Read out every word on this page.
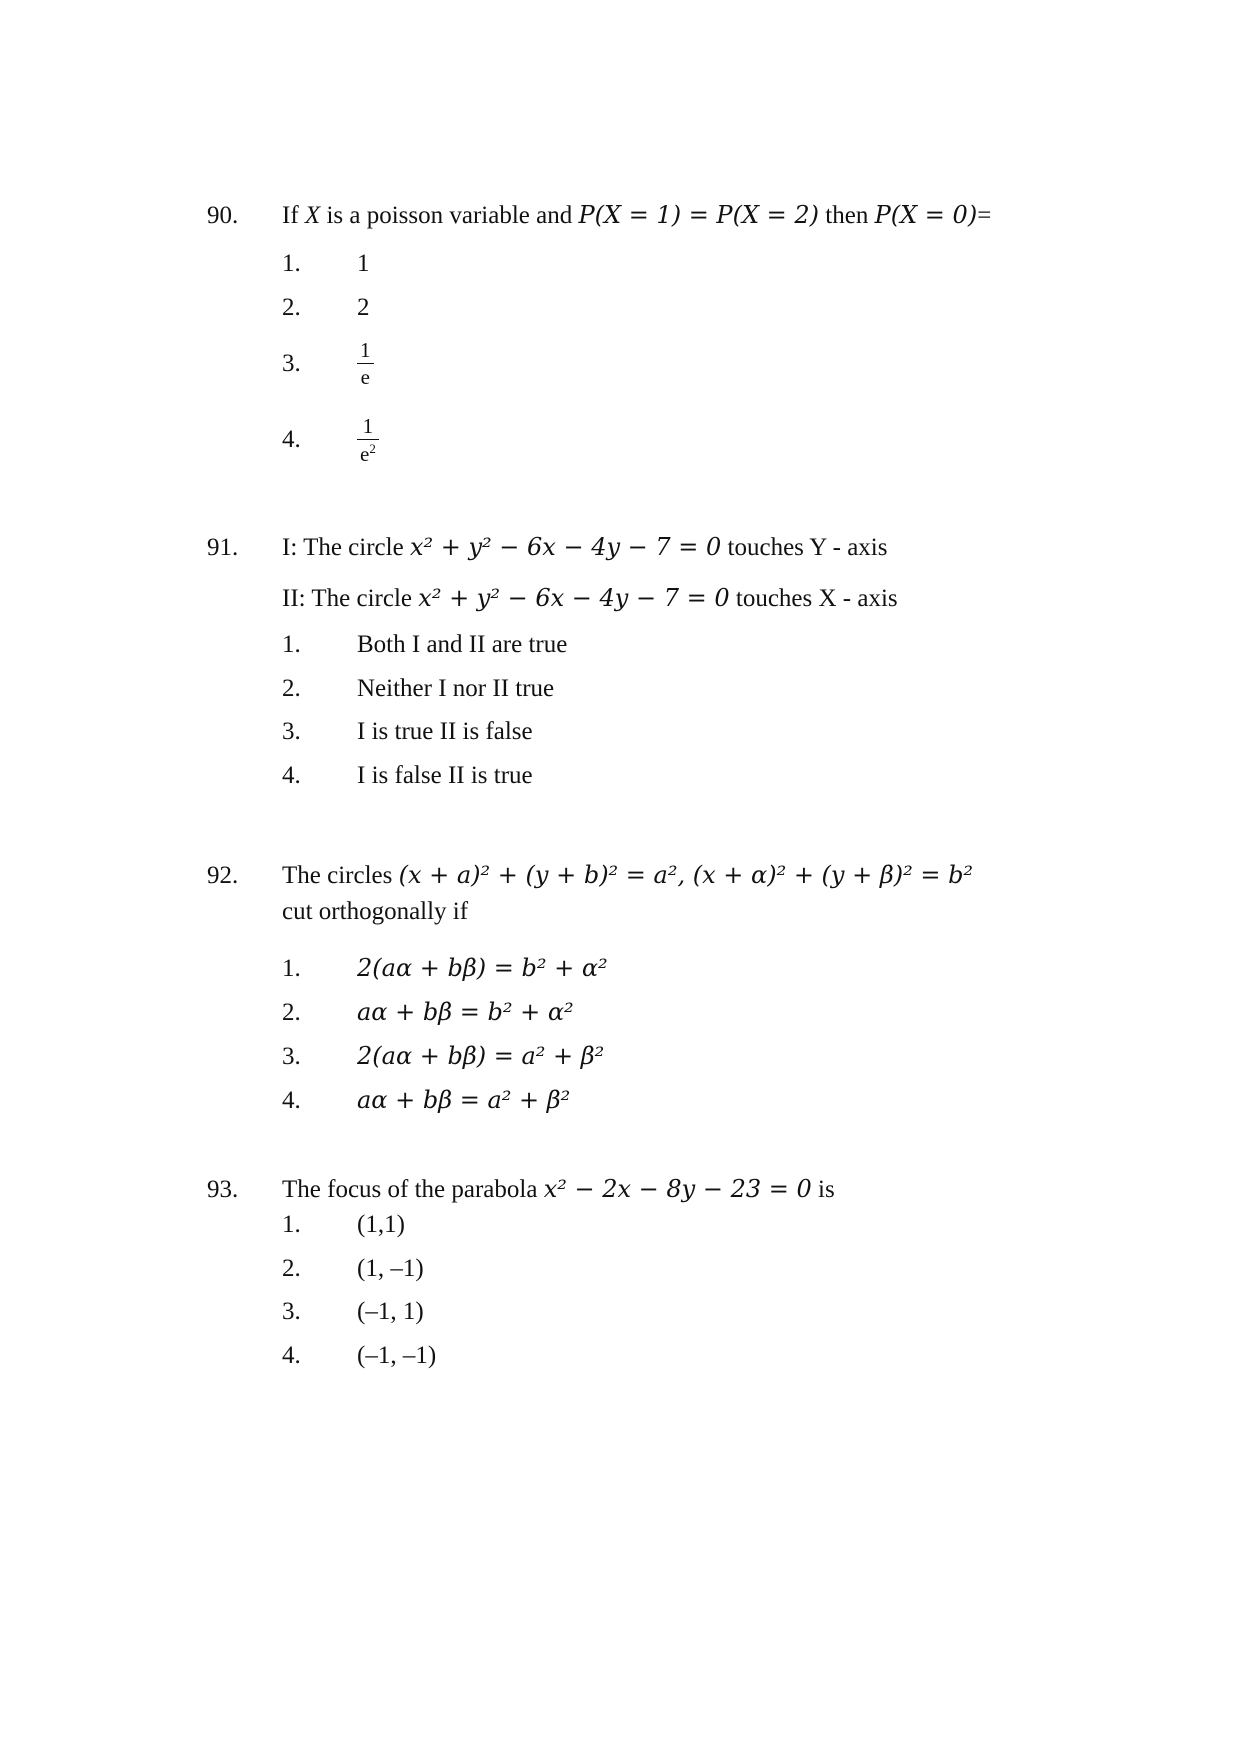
90. If X is a poisson variable and P(X = 1) = P(X = 2) then P(X = 0)=
1. 1
2. 2
3.	$\frac{1}{e}$
4.	$\frac{1}{e^2}$
91. I: The circle x² + y² − 6x − 4y − 7 = 0 touches Y - axis
II: The circle x² + y² − 6x − 4y − 7 = 0 touches X - axis
1. Both I and II are true
2. Neither I nor II true
3. I is true II is false
4. I is false II is true
92. The circles (x + a)² + (y + b)² = a², (x + α)² + (y + β)² = b²
cut orthogonally if
1. 2(aα + bβ) = b² + α²
2. aα + bβ = b² + α²
3. 2(aα + bβ) = a² + β²
4. aα + bβ = a² + β²
93. The focus of the parabola x² − 2x − 8y − 23 = 0 is
1. (1,1)
2. (1, –1)
3. (–1, 1)
4. (–1, –1)
